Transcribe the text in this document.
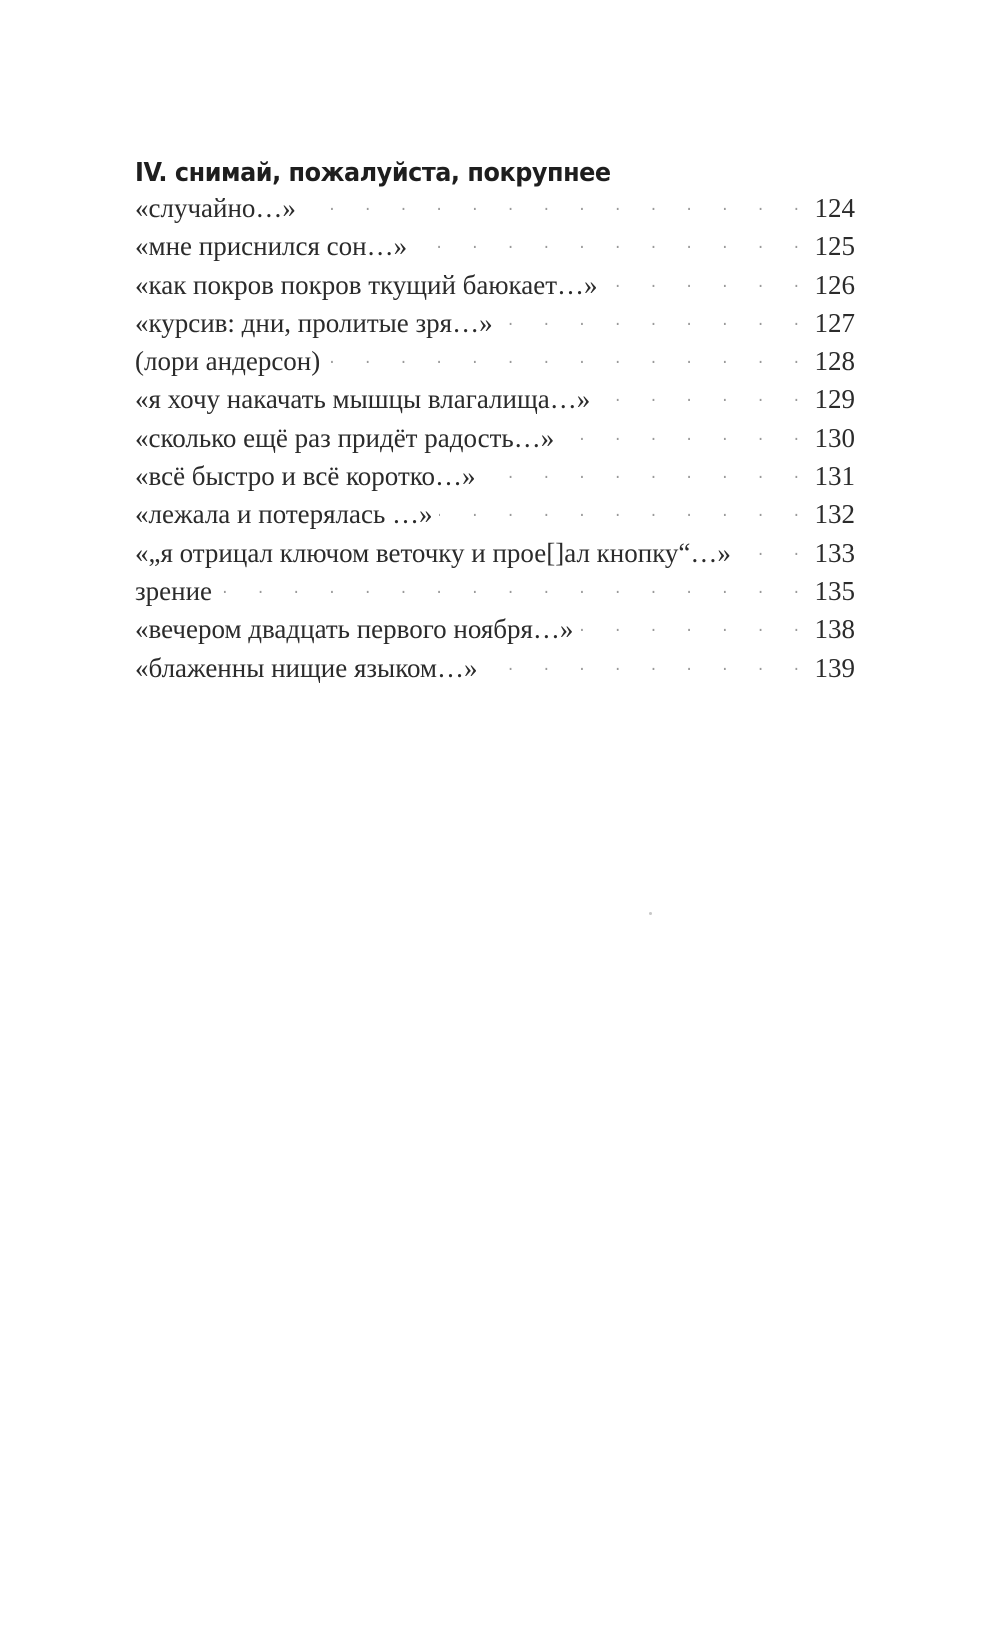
IV. снимай, пожалуйста, покрупнее
«случайно…» · ·	124
«мне приснился сон…» · ·	125
«как покров покров ткущий баюкает…» · ·	126
«курсив: дни, пролитые зря…» · ·	127
(лори андерсон) · ·	128
«я хочу накачать мышцы влагалища…» · ·	129
«сколько ещё раз придёт радость…» · ·	130
«всё быстро и всё коротко…» · ·	131
«лежала и потерялась …» · ·	132
«„я отрицал ключом веточку и прое[]ал кнопку“…» · ·	133
зрение · ·	135
«вечером двадцать первого ноября…» · ·	138
«блаженны нищие языком…» · ·	139
